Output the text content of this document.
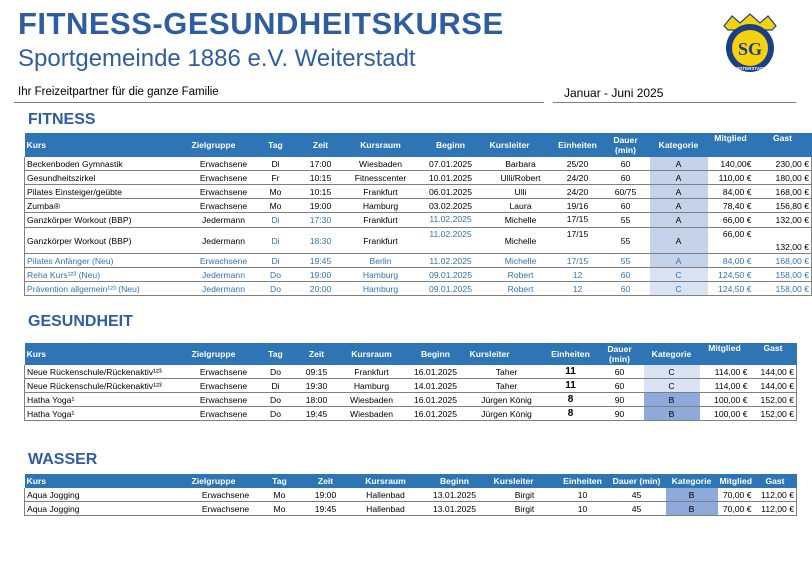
FITNESS-GESUNDHEITSKURSE
Sportgemeinde 1886 e.V. Weiterstadt	SG
WEITERSTADT
Ihr Freizeitpartner für die ganze Familie	Januar - Juni 2025
FITNESS
Kurs	Zielgruppe	Tag	Zeit	Kursraum	Beginn	Kursleiter	Einheiten	Dauer
(min)	Kategorie	Mitglied	Gast
Beckenboden Gymnastik	Erwachsene	Di	17:00	Wiesbaden	07.01.2025	Barbara	25/20	60	A	140,00€	230,00 €
Gesundheitszirkel	Erwachsene	Fr	10:15	Fitnesscenter	10.01.2025	Ulli/Robert	24/20	60	A	110,00 €	180,00 €
Pilates Einsteiger/geübte	Erwachsene	Mo	10:15	Frankfurt	06.01.2025	Ulli	24/20	60/75	A	84,00 €	168,00 €
Zumba®	Erwachsene	Mo	19:00	Hamburg	03.02.2025	Laura	19/16	60	A	78,40 €	156,80 €
Ganzkörper Workout (BBP)	Jedermann	Di	17:30	Frankfurt	11.02.2025	Michelle	17/15	55	A	66,00 €	132,00 €
Ganzkörper Workout (BBP)	Jedermann	Di	18:30	Frankfurt	11.02.2025	Michelle	17/15	55	A	66,00 €	132,00 €
Pilates Anfänger (Neu)	Erwachsene	Di	19:45	Berlin	11.02.2025	Michelle	17/15	55	A	84,00 €	168,00 €
Reha Kurs¹²³ (Neu)	Jedermann	Do	19:00	Hamburg	09.01.2025	Robert	12	60	C	124,50 €	158,00 €
Prävention allgemein¹²³ (Neu)	Jedermann	Do	20:00	Hamburg	09.01.2025	Robert	12	60	C	124,50 €	158,00 €
GESUNDHEIT
Kurs	Zielgruppe	Tag	Zeit	Kursraum	Beginn	Kursleiter	Einheiten	Dauer
(min)	Kategorie	Mitglied	Gast
Neue Rückenschule/Rückenaktiv¹²³	Erwachsene	Do	09:15	Frankfurt	16.01.2025	Taher	11	60	C	114,00 €	144,00 €
Neue Rückenschule/Rückenaktiv¹²³	Erwachsene	Di	19:30	Hamburg	14.01.2025	Taher	11	60	C	114,00 €	144,00 €
Hatha Yoga¹	Erwachsene	Do	18:00	Wiesbaden	16.01.2025	Jürgen König	8	90	B	100,00 €	152,00 €
Hatha Yoga¹	Erwachsene	Do	19:45	Wiesbaden	16.01.2025	Jürgen König	8	90	B	100,00 €	152,00 €
WASSER
Kurs	Zielgruppe	Tag	Zeit	Kursraum	Beginn	Kursleiter	Einheiten	Dauer (min)	Kategorie	Mitglied	Gast
Aqua Jogging	Erwachsene	Mo	19:00	Hallenbad	13.01.2025	Birgit	10	45	B	70,00 €	112,00 €
Aqua Jogging	Erwachsene	Mo	19:45	Hallenbad	13.01.2025	Birgit	10	45	B	70,00 €	112,00 €
